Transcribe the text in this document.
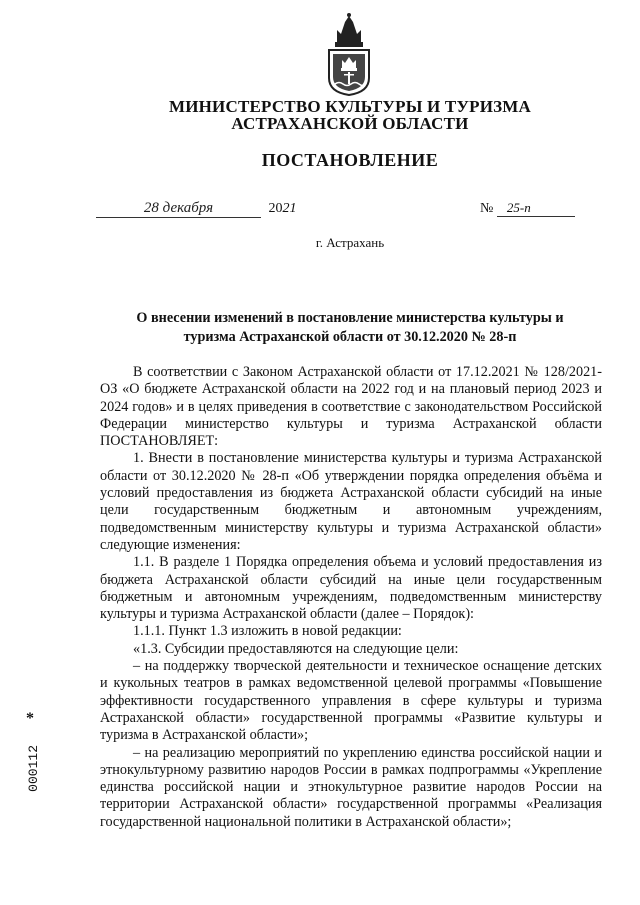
МИНИСТЕРСТВО КУЛЬТУРЫ И ТУРИЗМА
АСТРАХАНСКОЙ ОБЛАСТИ
ПОСТАНОВЛЕНИЕ
28 декабря	2021	№ 25-п
г. Астрахань
О внесении изменений в постановление министерства культуры и
туризма Астраханской области от 30.12.2020 № 28-п

В соответствии с Законом Астраханской области от 17.12.2021 № 128/2021-ОЗ «О бюджете Астраханской области на 2022 год и на плановый период 2023 и 2024 годов» и в целях приведения в соответствие с законодательством Российской Федерации министерство культуры и туризма Астраханской области ПОСТАНОВЛЯЕТ:

1. Внести в постановление министерства культуры и туризма Астраханской области от 30.12.2020 № 28-п «Об утверждении порядка определения объёма и условий предоставления из бюджета Астраханской области субсидий на иные цели государственным бюджетным и автономным учреждениям, подведомственным министерству культуры и туризма Астраханской области» следующие изменения:

1.1. В разделе 1 Порядка определения объема и условий предоставления из бюджета Астраханской области субсидий на иные цели государственным бюджетным и автономным учреждениям, подведомственным министерству культуры и туризма Астраханской области (далее – Порядок):

1.1.1. Пункт 1.3 изложить в новой редакции:

«1.3. Субсидии предоставляются на следующие цели:

– на поддержку творческой деятельности и техническое оснащение детских и кукольных театров в рамках ведомственной целевой программы «Повышение эффективности государственного управления в сфере культуры и туризма Астраханской области» государственной программы «Развитие культуры и туризма в Астраханской области»;

– на реализацию мероприятий по укреплению единства российской нации и этнокультурному развитию народов России в рамках подпрограммы «Укрепление единства российской нации и этнокультурное развитие народов России на территории Астраханской области» государственной программы «Реализация государственной национальной политики в Астраханской области»;

*
000112
